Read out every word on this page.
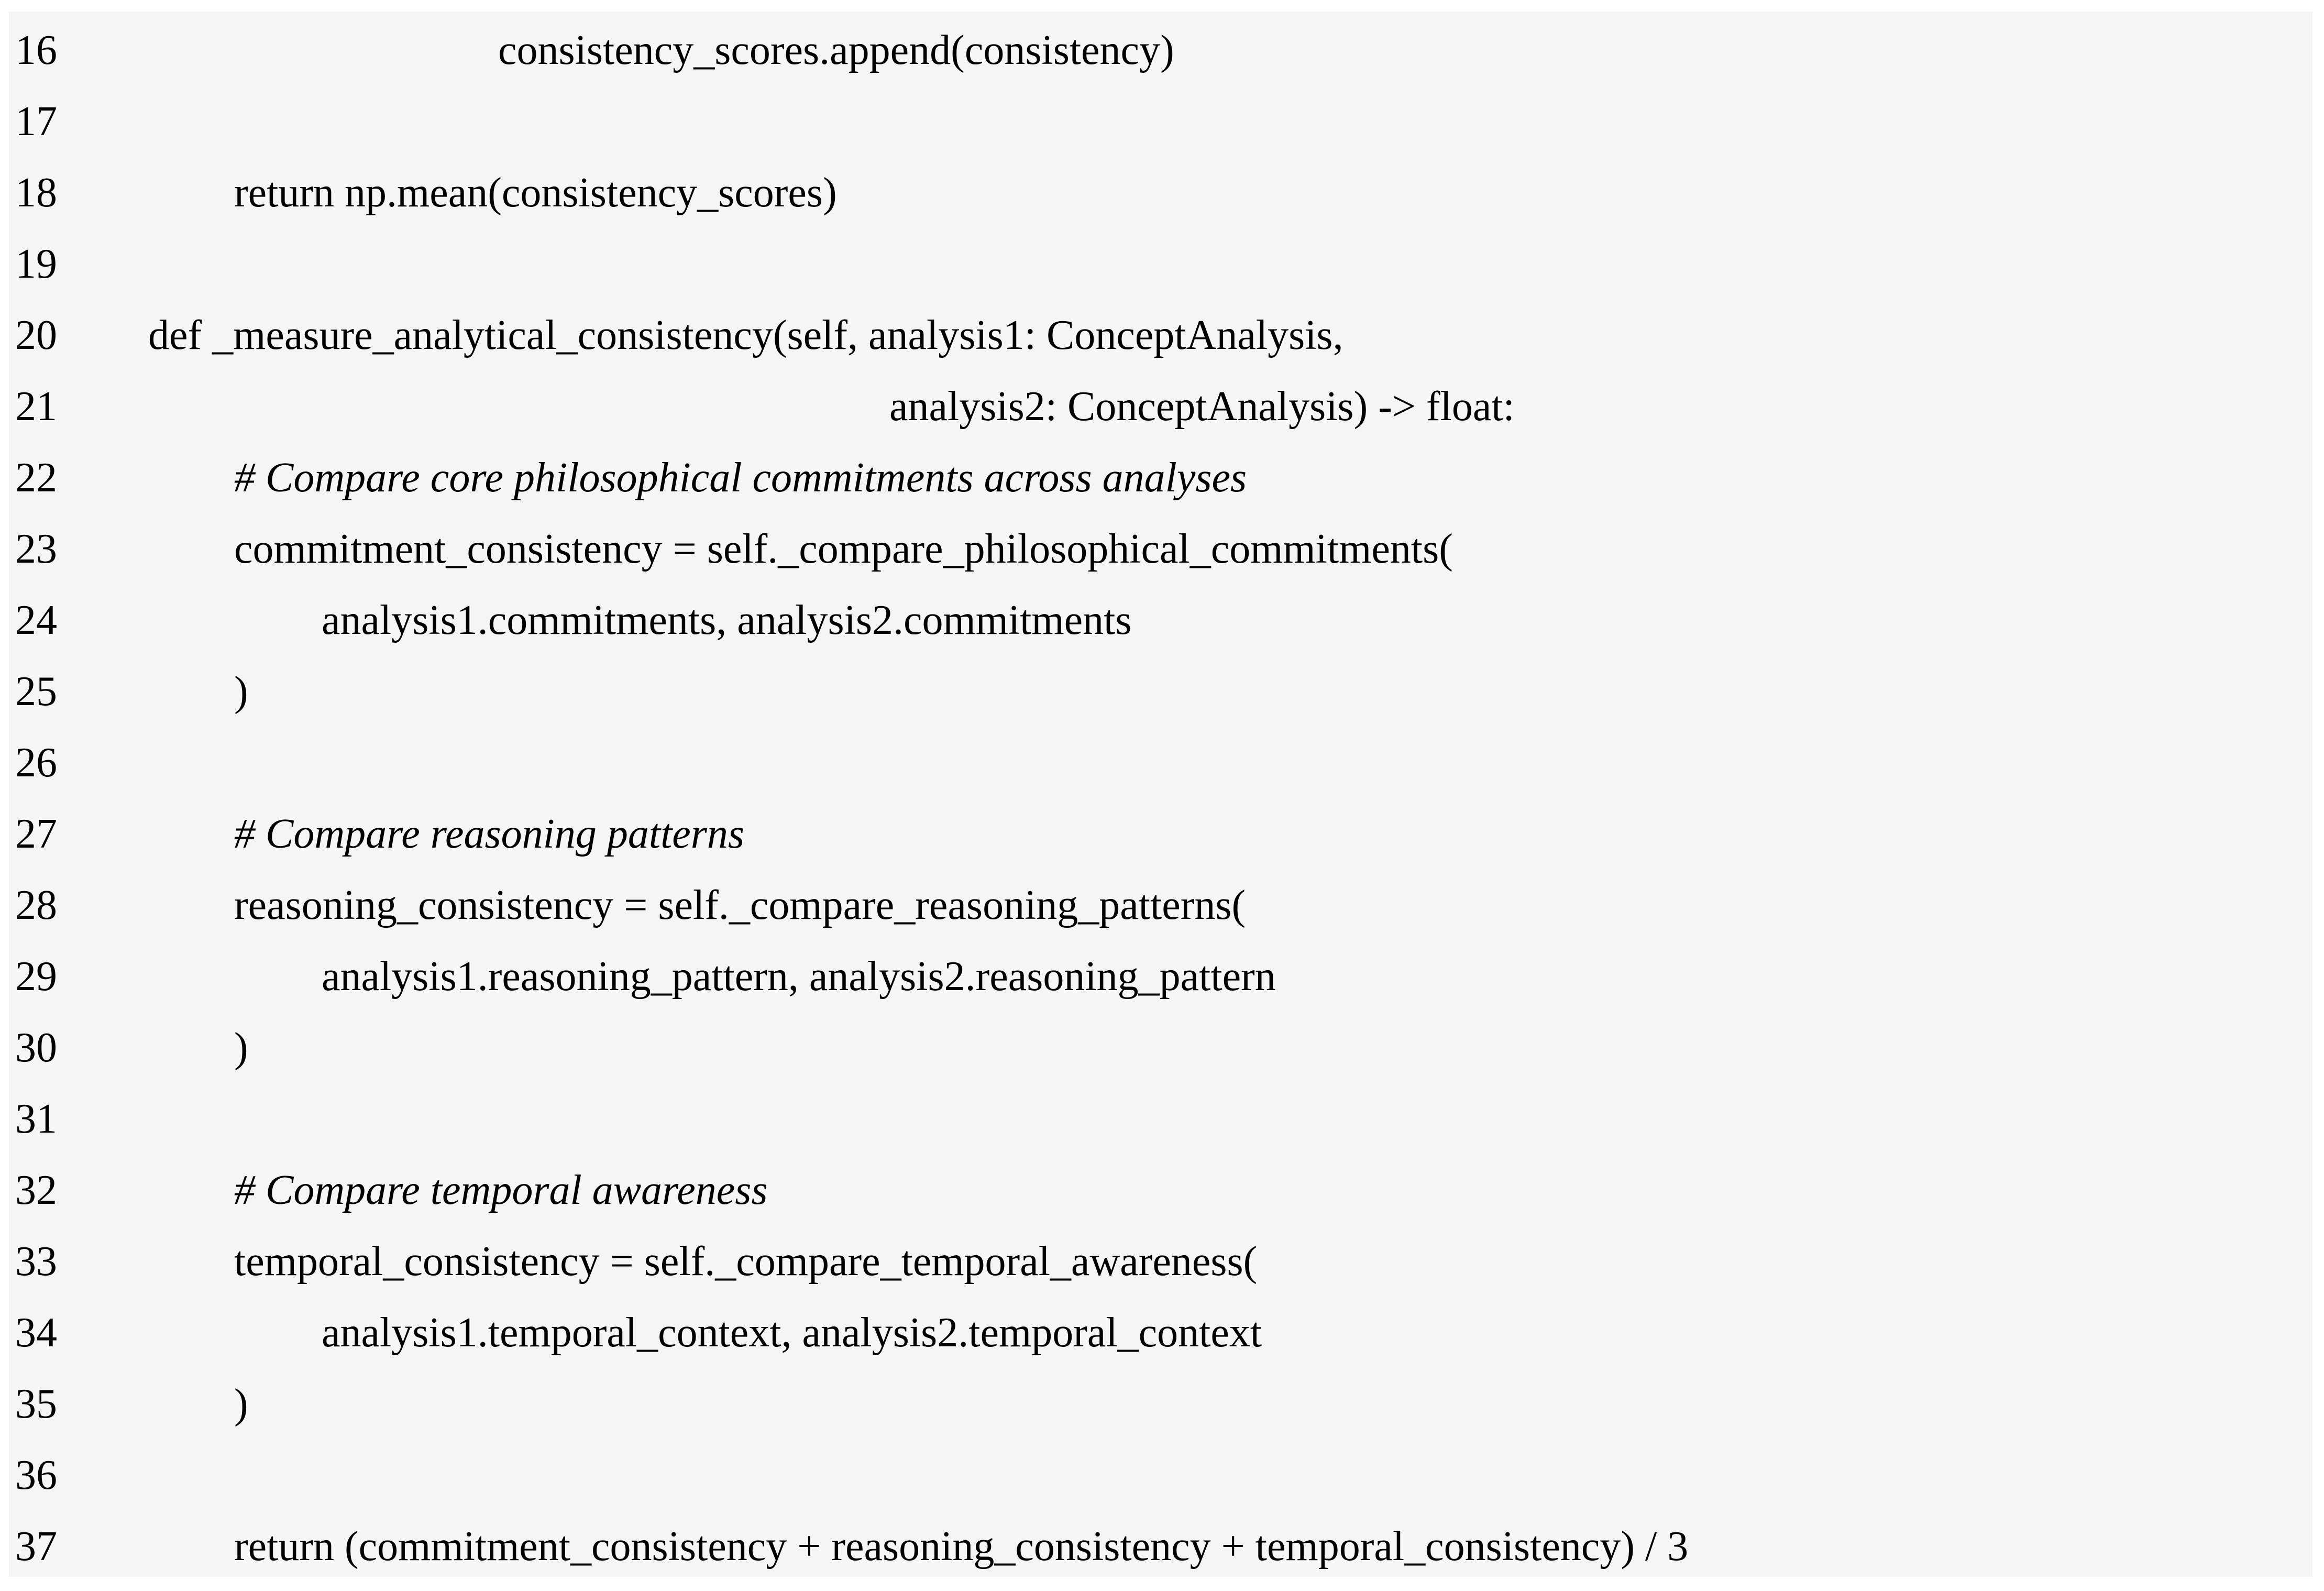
16	consistency_scores.append(consistency)
17
18	return np.mean(consistency_scores)
19
20 def _measure_analytical_consistency(self, analysis1: ConceptAnalysis,
21	analysis2: ConceptAnalysis) -> float:
22	# Compare core philosophical commitments across analyses
23	commitment_consistency = self._compare_philosophical_commitments(
24	analysis1.commitments, analysis2.commitments
25	)
26
27	# Compare reasoning patterns
28	reasoning_consistency = self._compare_reasoning_patterns(
29	analysis1.reasoning_pattern, analysis2.reasoning_pattern
30	)
31
32	# Compare temporal awareness
33	temporal_consistency = self._compare_temporal_awareness(
34	analysis1.temporal_context, analysis2.temporal_context
35	)
36
37	return (commitment_consistency + reasoning_consistency + temporal_consistency) / 3
